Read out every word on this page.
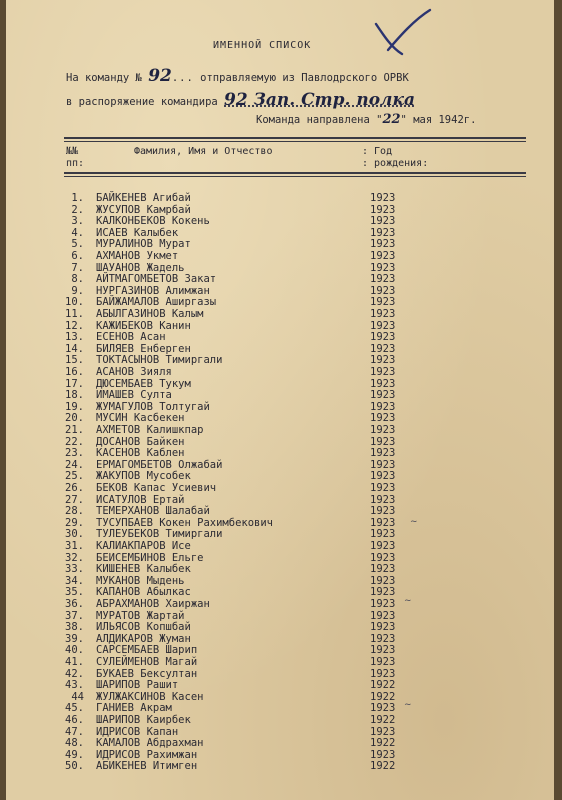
ИМЕННОЙ СПИСОК
На команду № 92... отправляемую из Павлодрского ОРВК
в распоряжение командира 92 Зап. Стр. полка
Команда направлена "22" мая 1942г.
№№
пп:
Фамилия, Имя и Отчество	: Год
: рождения:
1. БАЙКЕНЕВ Агибай	1923
2. ЖУСУПОВ Камрбай	1923
3. КАЛКОНБЕКОВ Кокень	1923
4. ИСАЕВ Калыбек	1923
5. МУРАЛИНОВ Мурат	1923
6. АХМАНОВ Укмет	1923
7. ШАУАНОВ Жадель	1923
8. АЙТМАГОМБЕТОВ Закат	1923
9. НУРГАЗИНОВ Алимжан	1923
10. БАЙЖАМАЛОВ Аширгазы	1923
11. АБЫЛГАЗИНОВ Калым	1923
12. КАЖИБЕКОВ Канин	1923
13. ЕСЕНОВ Асан	1923
14. БИЛЯЕВ Енберген	1923
15. ТОКТАСЫНОВ Тимиргали	1923
16. АСАНОВ Зияля	1923
17. ДЮСЕМБАЕВ Тукум	1923
18. ИМАШЕВ Султа	1923
19. ЖУМАГУЛОВ Толтугай	1923
20. МУСИН Касбекен	1923
21. АХМЕТОВ Калишкпар	1923
22. ДОСАНОВ Байкен	1923
23. КАСЕНОВ Каблен	1923
24. ЕРМАГОМБЕТОВ Олжабай	1923
25. ЖАКУПОВ Мусобек	1923
26. БЕКОВ Капас Усиевич	1923
27. ИСАТУЛОВ Ертай	1923
28. ТЕМЕРХАНОВ Шалабай	1923
29. ТУСУПБАЕВ Кокен Рахимбекович	1923
30. ТУЛЕУБЕКОВ Тимиргали	1923
31. КАЛИАКПАРОВ Исе	1923
32. БЕИСЕМБИНОВ Ельге	1923
33. КИШЕНЕВ Калыбек	1923
34. МУКАНОВ Мыдень	1923
35. КАПАНОВ Абылкас	1923
36. АБРАХМАНОВ Хаиржан	1923
37. МУРАТОВ Жартай	1923
38. ИЛЬЯСОВ Копшбай	1923
39. АЛДИКАРОВ Жуман	1923
40. САРСЕМБАЕВ Шарип	1923
41. СУЛЕЙМЕНОВ Магай	1923
42. БУКАЕВ Бексултан	1923
43. ШАРИПОВ Рашит	1922
44 ЖУЛЖАКСИНОВ Касен	1922
45. ГАНИЕВ Акрам	1923
46. ШАРИПОВ Каирбек	1922
47. ИДРИСОВ Капан	1923
48. КАМАЛОВ Абдрахман	1922
49. ИДРИСОВ Рахимжан	1923
50. АБИКЕНЕВ Итимген	1922
~
~
~
